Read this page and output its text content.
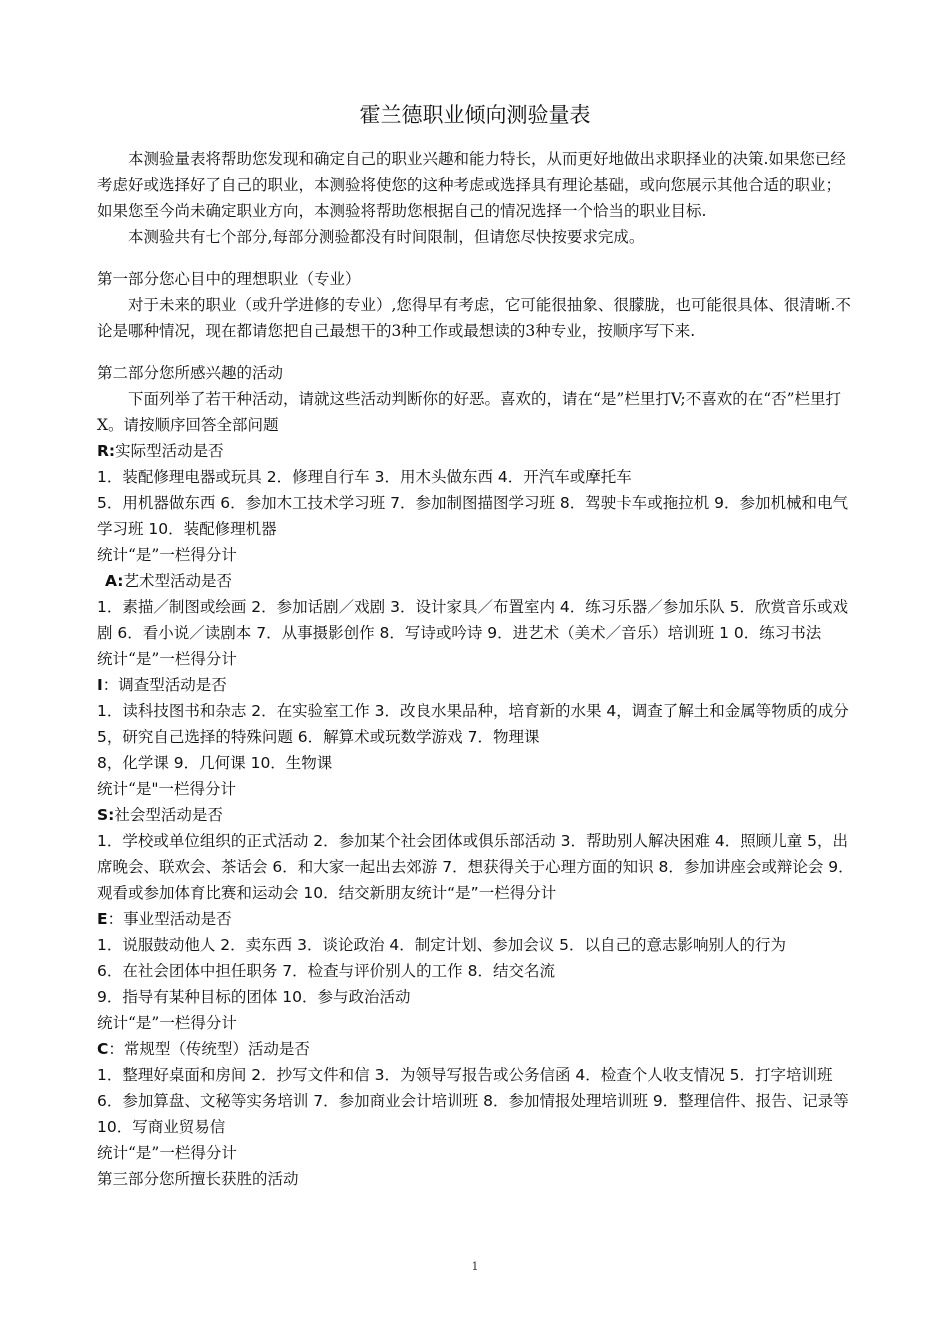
霍兰德职业倾向测验量表

本测验量表将帮助您发现和确定自己的职业兴趣和能力特长，从而更好地做出求职择业的决策.如果您已经考虑好或选择好了自己的职业，本测验将使您的这种考虑或选择具有理论基础，或向您展示其他合适的职业；如果您至今尚未确定职业方向，本测验将帮助您根据自己的情况选择一个恰当的职业目标.

本测验共有七个部分,每部分测验都没有时间限制，但请您尽快按要求完成。

第一部分您心目中的理想职业（专业）

对于未来的职业（或升学进修的专业）,您得早有考虑，它可能很抽象、很朦胧，也可能很具体、很清晰.不论是哪种情况，现在都请您把自己最想干的3种工作或最想读的3种专业，按顺序写下来.

第二部分您所感兴趣的活动

下面列举了若干种活动，请就这些活动判断你的好恶。喜欢的，请在“是”栏里打V;不喜欢的在“否”栏里打X。请按顺序回答全部问题

R:实际型活动是否

1．装配修理电器或玩具 2．修理自行车 3．用木头做东西 4．开汽车或摩托车

5．用机器做东西 6．参加木工技术学习班 7．参加制图描图学习班 8．驾驶卡车或拖拉机 9．参加机械和电气学习班 10．装配修理机器

统计“是”一栏得分计

A:艺术型活动是否

1．素描／制图或绘画 2．参加话剧／戏剧 3．设计家具／布置室内 4．练习乐器／参加乐队 5．欣赏音乐或戏剧 6．看小说／读剧本 7．从事摄影创作 8．写诗或吟诗 9．进艺术（美术／音乐）培训班 1 0．练习书法

统计“是”一栏得分计

I：调查型活动是否

1．读科技图书和杂志 2．在实验室工作 3．改良水果品种，培育新的水果 4，调查了解土和金属等物质的成分 5，研究自己选择的特殊问题 6．解算术或玩数学游戏 7．物理课

8，化学课 9．几何课 10．生物课

统计“是"一栏得分计

S:社会型活动是否

1．学校或单位组织的正式活动 2．参加某个社会团体或俱乐部活动 3．帮助别人解决困难 4．照顾儿童 5，出席晚会、联欢会、茶话会 6．和大家一起出去郊游 7．想获得关于心理方面的知识 8．参加讲座会或辩论会 9．观看或参加体育比赛和运动会 10．结交新朋友统计“是”一栏得分计

E：事业型活动是否

1．说服鼓动他人 2．卖东西 3．谈论政治 4．制定计划、参加会议 5．以自己的意志影响别人的行为

6．在社会团体中担任职务 7．检查与评价别人的工作 8．结交名流

9．指导有某种目标的团体 10．参与政治活动

统计“是”一栏得分计

C：常规型（传统型）活动是否

1．整理好桌面和房间 2．抄写文件和信 3．为领导写报告或公务信函 4．检查个人收支情况 5．打字培训班 6．参加算盘、文秘等实务培训 7．参加商业会计培训班 8．参加情报处理培训班 9．整理信件、报告、记录等 10．写商业贸易信

统计“是”一栏得分计

第三部分您所擅长获胜的活动

1
